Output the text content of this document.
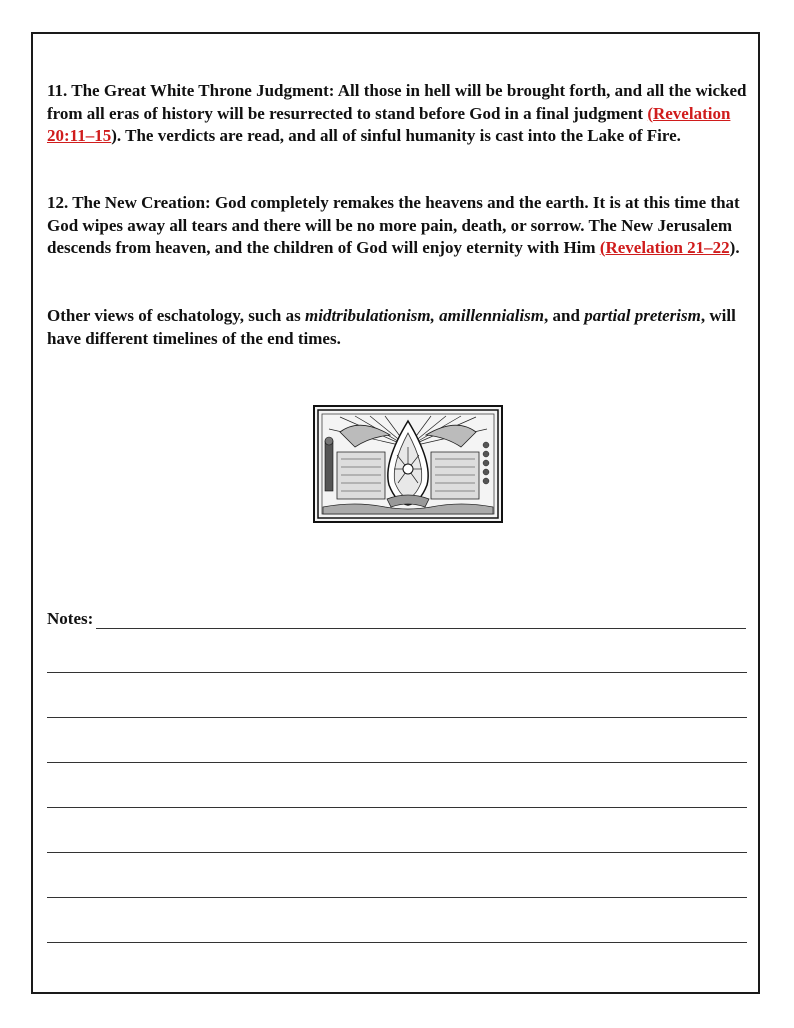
11. The Great White Throne Judgment: All those in hell will be brought forth, and all the wicked from all eras of history will be resurrected to stand before God in a final judgment (Revelation 20:11–15). The verdicts are read, and all of sinful humanity is cast into the Lake of Fire.

12. The New Creation: God completely remakes the heavens and the earth. It is at this time that God wipes away all tears and there will be no more pain, death, or sorrow. The New Jerusalem descends from heaven, and the children of God will enjoy eternity with Him (Revelation 21–22).

Other views of eschatology, such as midtribulationism, amillennialism, and partial preterism, will have different timelines of the end times.

Notes:
